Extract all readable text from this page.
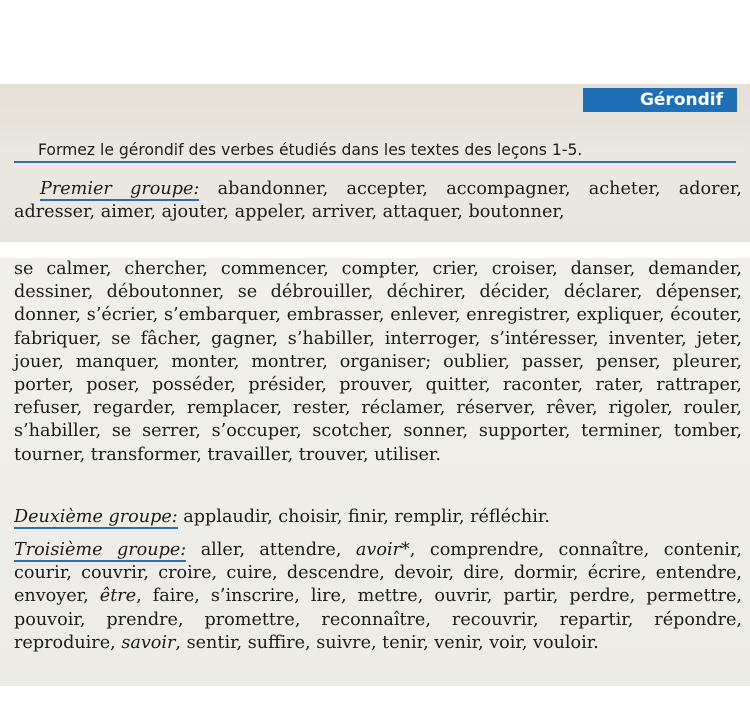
Gérondif
Formez le gérondif des verbes étudiés dans les textes des leçons 1-5.
Premier groupe: abandonner, accepter, accompagner, acheter, adorer, adresser, aimer, ajouter, appeler, arriver, attaquer, boutonner,
se calmer, chercher, commencer, compter, crier, croiser, danser, demander, dessiner, déboutonner, se débrouiller, déchirer, décider, déclarer, dépenser, donner, s’écrier, s’embarquer, embrasser, enlever, enregistrer, expliquer, écouter, fabriquer, se fâcher, gagner, s’habiller, interroger, s’intéresser, inventer, jeter, jouer, manquer, monter, montrer, organiser; oublier, passer, penser, pleurer, porter, poser, posséder, présider, prouver, quitter, raconter, rater, rattraper, refuser, regarder, remplacer, rester, réclamer, réserver, rêver, rigoler, rouler, s’habiller, se serrer, s’occuper, scotcher, sonner, supporter, terminer, tomber, tourner, transformer, travailler, trouver, utiliser.
Deuxième groupe: applaudir, choisir, finir, remplir, réfléchir.
Troisième groupe: aller, attendre, avoir*, comprendre, connaître, contenir, courir, couvrir, croire, cuire, descendre, devoir, dire, dormir, écrire, entendre, envoyer, être, faire, s’inscrire, lire, mettre, ouvrir, partir, perdre, permettre, pouvoir, prendre, promettre, reconnaître, recouvrir, repartir, répondre, reproduire, savoir, sentir, suffire, suivre, tenir, venir, voir, vouloir.
